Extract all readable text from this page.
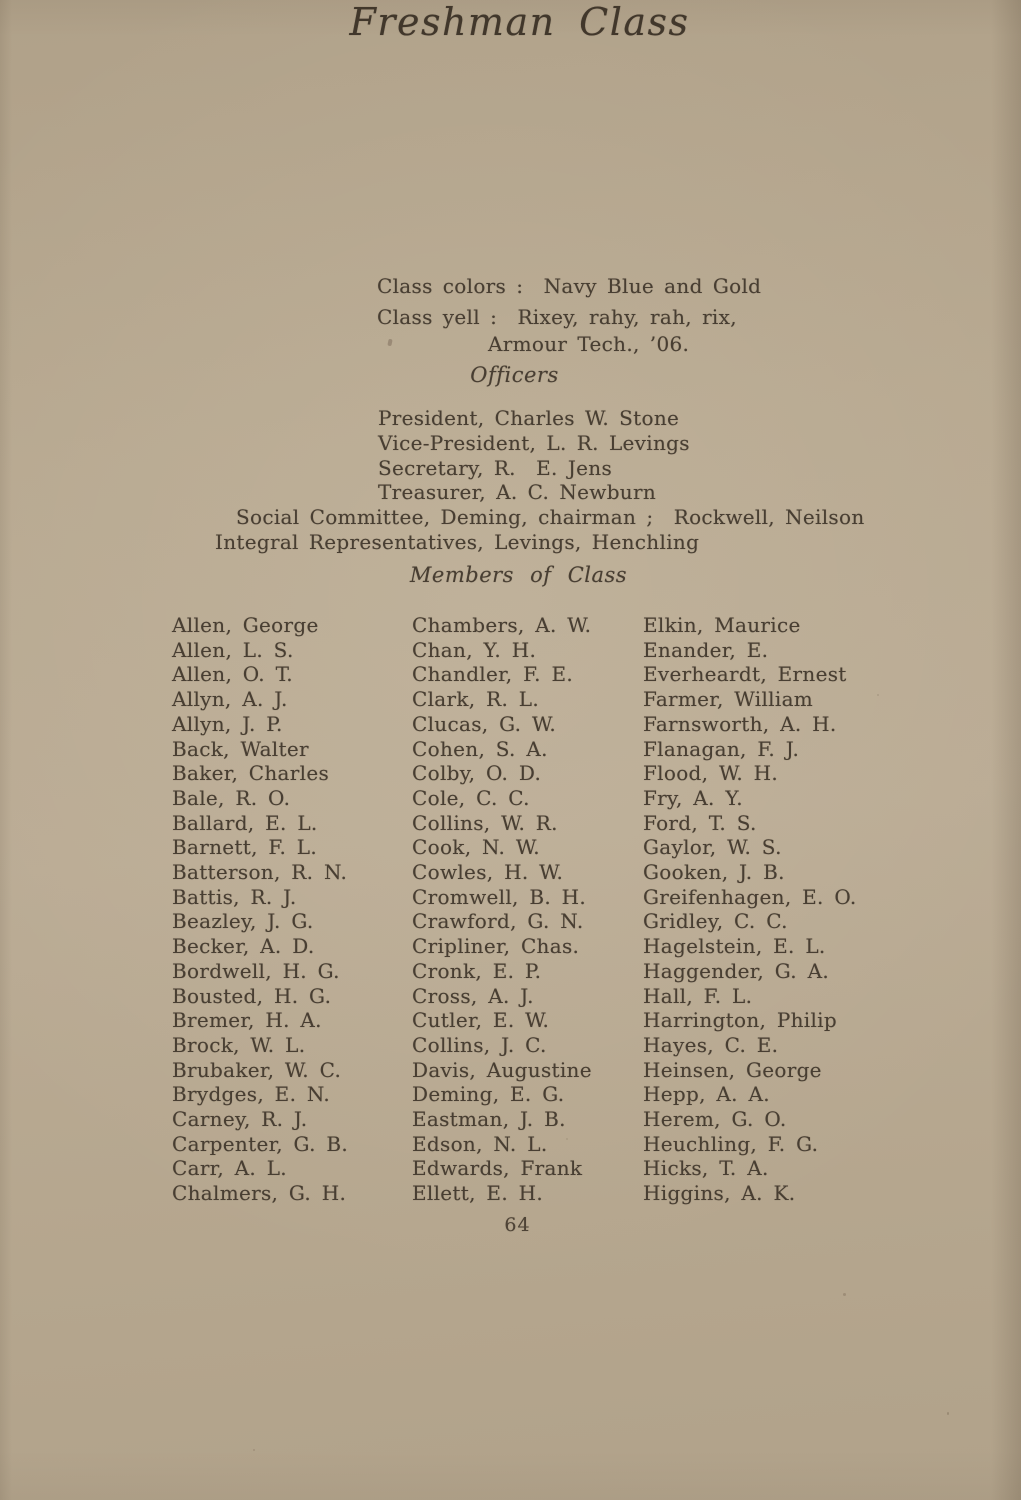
Freshman Class
Class colors :  Navy Blue and Gold
Class yell :  Rixey, rahy, rah, rix,
Armour Tech., ’06.
Officers
President, Charles W. Stone
Vice-President, L. R. Levings
Secretary, R.  E. Jens
Treasurer, A. C. Newburn
Social Committee, Deming, chairman ;  Rockwell, Neilson
Integral Representatives, Levings, Henchling
Members of Class
Allen, George
Allen, L. S.
Allen, O. T.
Allyn, A. J.
Allyn, J. P.
Back, Walter
Baker, Charles
Bale, R. O.
Ballard, E. L.
Barnett, F. L.
Batterson, R. N.
Battis, R. J.
Beazley, J. G.
Becker, A. D.
Bordwell, H. G.
Bousted, H. G.
Bremer, H. A.
Brock, W. L.
Brubaker, W. C.
Brydges, E. N.
Carney, R. J.
Carpenter, G. B.
Carr, A. L.
Chalmers, G. H.
Chambers, A. W.
Chan, Y. H.
Chandler, F. E.
Clark, R. L.
Clucas, G. W.
Cohen, S. A.
Colby, O. D.
Cole, C. C.
Collins, W. R.
Cook, N. W.
Cowles, H. W.
Cromwell, B. H.
Crawford, G. N.
Cripliner, Chas.
Cronk, E. P.
Cross, A. J.
Cutler, E. W.
Collins, J. C.
Davis, Augustine
Deming, E. G.
Eastman, J. B.
Edson, N. L.
Edwards, Frank
Ellett, E. H.
Elkin, Maurice
Enander, E.
Everheardt, Ernest
Farmer, William
Farnsworth, A. H.
Flanagan, F. J.
Flood, W. H.
Fry, A. Y.
Ford, T. S.
Gaylor, W. S.
Gooken, J. B.
Greifenhagen, E. O.
Gridley, C. C.
Hagelstein, E. L.
Haggender, G. A.
Hall, F. L.
Harrington, Philip
Hayes, C. E.
Heinsen, George
Hepp, A. A.
Herem, G. O.
Heuchling, F. G.
Hicks, T. A.
Higgins, A. K.
64
